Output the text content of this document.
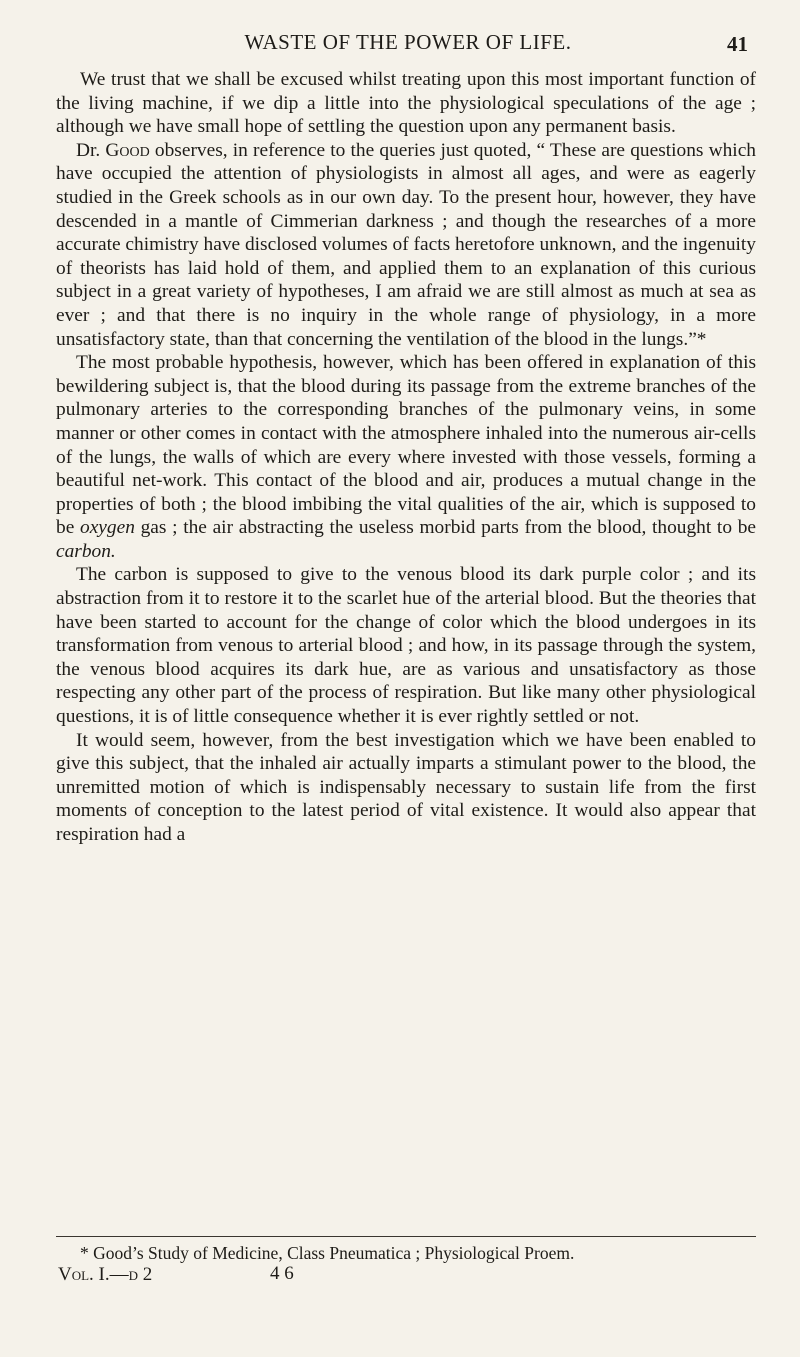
WASTE OF THE POWER OF LIFE.	41

We trust that we shall be excused whilst treating upon this most important function of the living machine, if we dip a little into the physiological speculations of the age ; although we have small hope of settling the question upon any permanent basis.

Dr. Good observes, in reference to the queries just quoted, “ These are questions which have occupied the attention of physiologists in almost all ages, and were as eagerly studied in the Greek schools as in our own day. To the present hour, however, they have descended in a mantle of Cimmerian darkness ; and though the researches of a more accurate chimistry have disclosed volumes of facts heretofore unknown, and the ingenuity of theorists has laid hold of them, and applied them to an explanation of this curious subject in a great variety of hypotheses, I am afraid we are still almost as much at sea as ever ; and that there is no inquiry in the whole range of physiology, in a more unsatisfactory state, than that concerning the ventilation of the blood in the lungs.”*

The most probable hypothesis, however, which has been offered in explanation of this bewildering subject is, that the blood during its passage from the extreme branches of the pulmonary arteries to the corresponding branches of the pulmonary veins, in some manner or other comes in contact with the atmosphere inhaled into the numerous air-cells of the lungs, the walls of which are every where invested with those vessels, forming a beautiful net-work. This contact of the blood and air, produces a mutual change in the properties of both ; the blood imbibing the vital qualities of the air, which is supposed to be oxygen gas ; the air abstracting the useless morbid parts from the blood, thought to be carbon.

The carbon is supposed to give to the venous blood its dark purple color ; and its abstraction from it to restore it to the scarlet hue of the arterial blood. But the theories that have been started to account for the change of color which the blood undergoes in its transformation from venous to arterial blood ; and how, in its passage through the system, the venous blood acquires its dark hue, are as various and unsatisfactory as those respecting any other part of the process of respiration. But like many other physiological questions, it is of little consequence whether it is ever rightly settled or not.

It would seem, however, from the best investigation which we have been enabled to give this subject, that the inhaled air actually imparts a stimulant power to the blood, the unremitted motion of which is indispensably necessary to sustain life from the first moments of conception to the latest period of vital existence. It would also appear that respiration had a

* Good’s Study of Medicine, Class Pneumatica ; Physiological Proem.

Vol. I.—d 2	4 6
